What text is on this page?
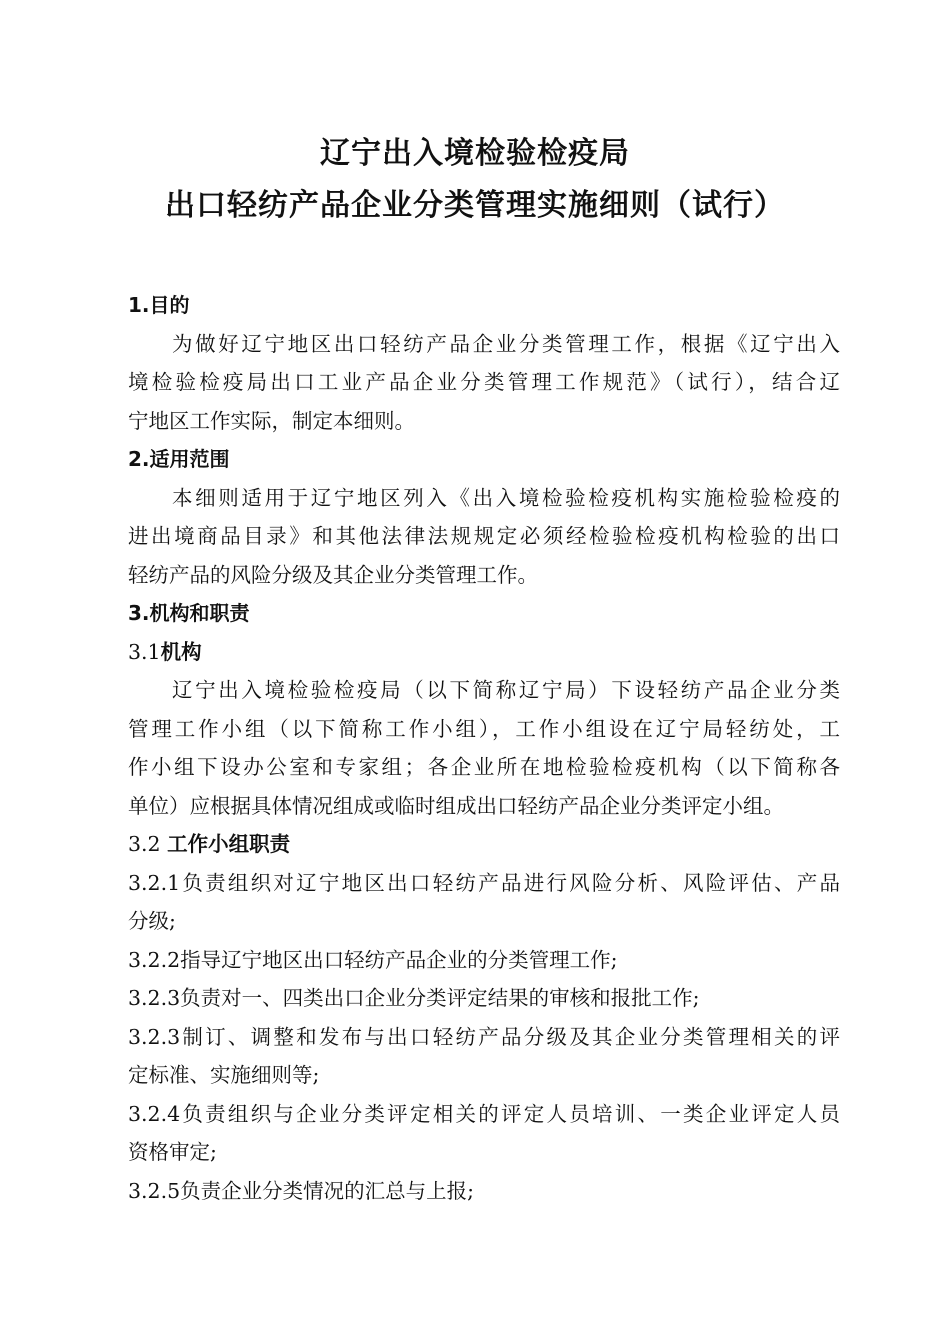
辽宁出入境检验检疫局
出口轻纺产品企业分类管理实施细则（试行）
1.目的
为做好辽宁地区出口轻纺产品企业分类管理工作，根据《辽宁出入
境检验检疫局出口工业产品企业分类管理工作规范》（试行），结合辽
宁地区工作实际，制定本细则。
2.适用范围
本细则适用于辽宁地区列入《出入境检验检疫机构实施检验检疫的
进出境商品目录》和其他法律法规规定必须经检验检疫机构检验的出口
轻纺产品的风险分级及其企业分类管理工作。
3.机构和职责
3.1机构
辽宁出入境检验检疫局（以下简称辽宁局）下设轻纺产品企业分类
管理工作小组（以下简称工作小组），工作小组设在辽宁局轻纺处，工
作小组下设办公室和专家组；各企业所在地检验检疫机构（以下简称各
单位）应根据具体情况组成或临时组成出口轻纺产品企业分类评定小组。
3.2 工作小组职责
3.2.1负责组织对辽宁地区出口轻纺产品进行风险分析、风险评估、产品
分级;
3.2.2指导辽宁地区出口轻纺产品企业的分类管理工作;
3.2.3负责对一、四类出口企业分类评定结果的审核和报批工作;
3.2.3制订、调整和发布与出口轻纺产品分级及其企业分类管理相关的评
定标准、实施细则等;
3.2.4负责组织与企业分类评定相关的评定人员培训、一类企业评定人员
资格审定;
3.2.5负责企业分类情况的汇总与上报;
